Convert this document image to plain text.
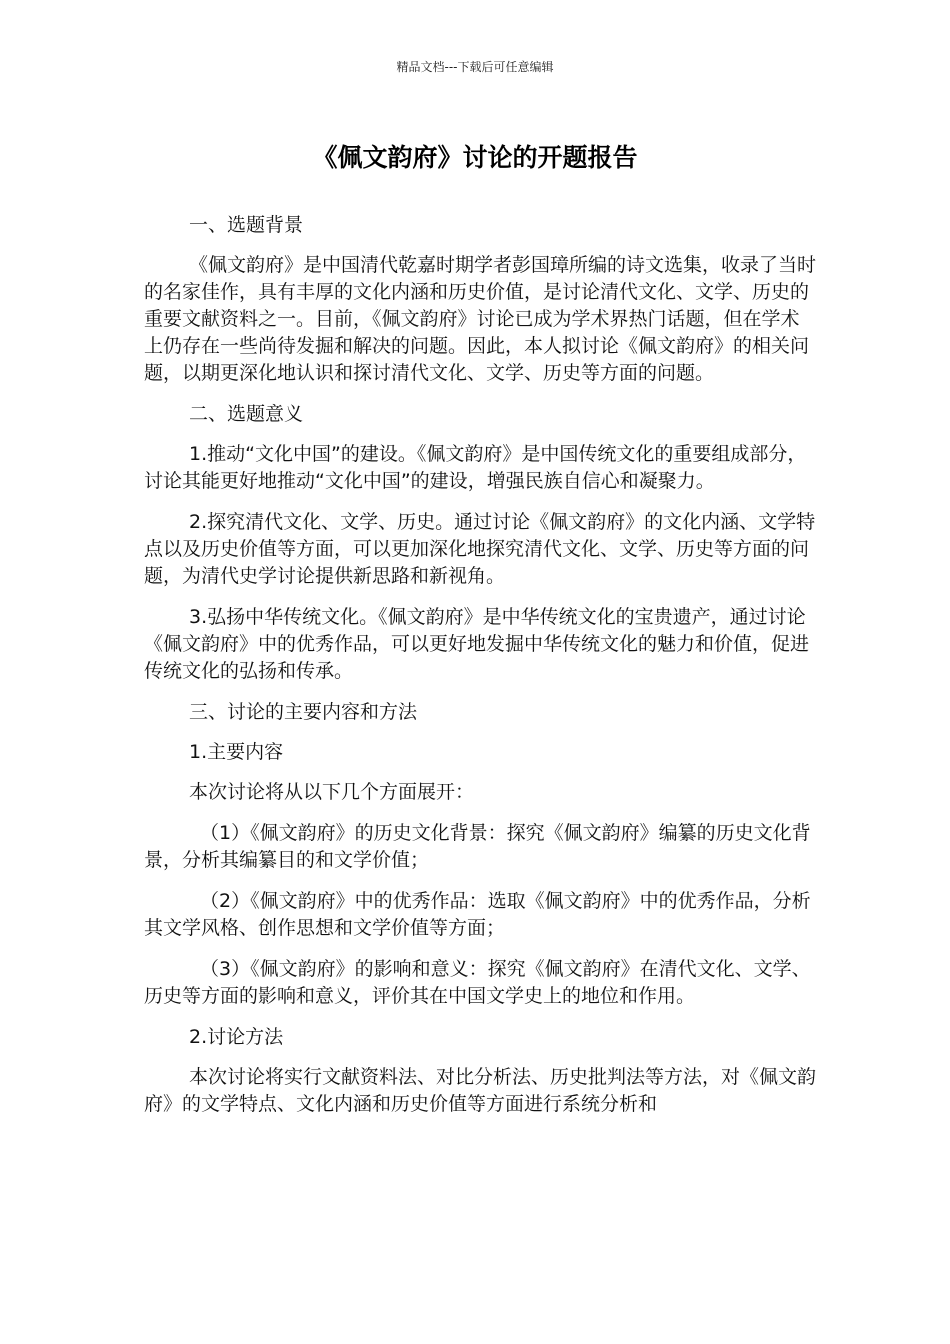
精品文档---下载后可任意编辑
《佩文韵府》讨论的开题报告

一、选题背景

《佩文韵府》是中国清代乾嘉时期学者彭国璋所编的诗文选集，收录了当时的名家佳作，具有丰厚的文化内涵和历史价值，是讨论清代文化、文学、历史的重要文献资料之一。目前，《佩文韵府》讨论已成为学术界热门话题，但在学术上仍存在一些尚待发掘和解决的问题。因此，本人拟讨论《佩文韵府》的相关问题，以期更深化地认识和探讨清代文化、文学、历史等方面的问题。

二、选题意义

1.推动“文化中国”的建设。《佩文韵府》是中国传统文化的重要组成部分，讨论其能更好地推动“文化中国”的建设，增强民族自信心和凝聚力。

2.探究清代文化、文学、历史。通过讨论《佩文韵府》的文化内涵、文学特点以及历史价值等方面，可以更加深化地探究清代文化、文学、历史等方面的问题，为清代史学讨论提供新思路和新视角。

3.弘扬中华传统文化。《佩文韵府》是中华传统文化的宝贵遗产，通过讨论《佩文韵府》中的优秀作品，可以更好地发掘中华传统文化的魅力和价值，促进传统文化的弘扬和传承。

三、讨论的主要内容和方法

1.主要内容

本次讨论将从以下几个方面展开：

（1）《佩文韵府》的历史文化背景：探究《佩文韵府》编纂的历史文化背景，分析其编纂目的和文学价值；

（2）《佩文韵府》中的优秀作品：选取《佩文韵府》中的优秀作品，分析其文学风格、创作思想和文学价值等方面；

（3）《佩文韵府》的影响和意义：探究《佩文韵府》在清代文化、文学、历史等方面的影响和意义，评价其在中国文学史上的地位和作用。

2.讨论方法

本次讨论将实行文献资料法、对比分析法、历史批判法等方法，对《佩文韵府》的文学特点、文化内涵和历史价值等方面进行系统分析和
